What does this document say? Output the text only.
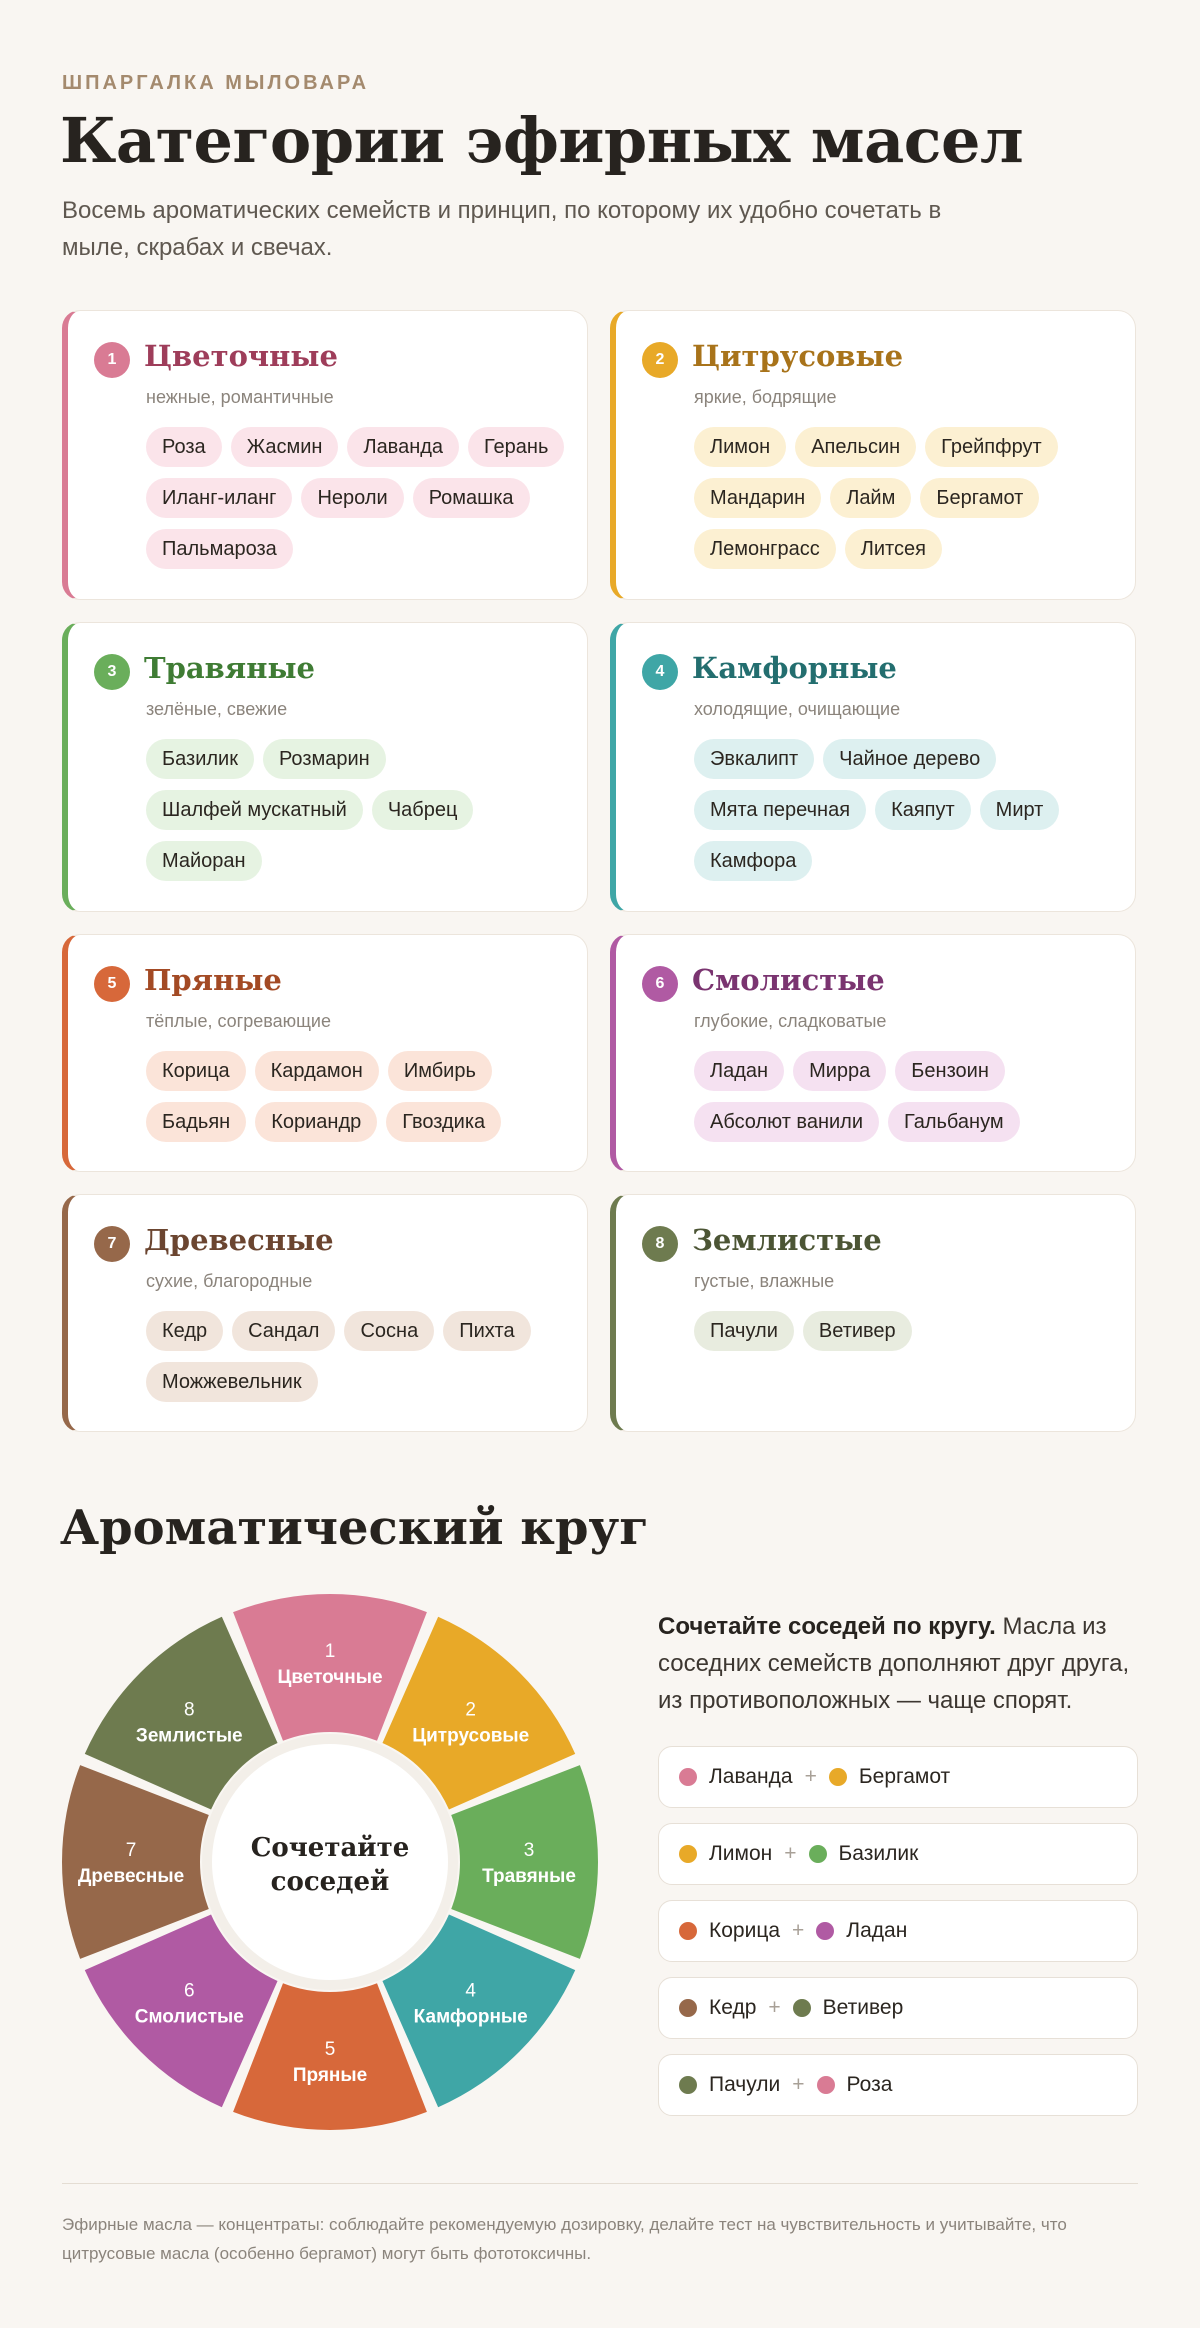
ШПАРГАЛКА МЫЛОВАРА
Категории эфирных масел

Восемь ароматических семейств и принцип, по которому их удобно сочетать в мыле, скрабах и свечах.

1 Цветочные
нежные, романтичные
Роза	Жасмин	Лаванда	Герань
Иланг-иланг	Нероли	Ромашка
Пальмароза
2 Цитрусовые
яркие, бодрящие
Лимон	Апельсин	Грейпфрут
Мандарин	Лайм	Бергамот
Лемонграсс	Литсея
3 Травяные
зелёные, свежие
Базилик	Розмарин
Шалфей мускатный	Чабрец
Майоран
4 Камфорные
холодящие, очищающие
Эвкалипт	Чайное дерево
Мята перечная	Каяпут	Мирт
Камфора
5 Пряные
тёплые, согревающие
Корица	Кардамон	Имбирь
Бадьян	Кориандр	Гвоздика
6 Смолистые
глубокие, сладковатые
Ладан	Мирра	Бензоин
Абсолют ванили	Гальбанум
7 Древесные
сухие, благородные
Кедр	Сандал	Сосна	Пихта
Можжевельник
8 Землистые
густые, влажные
Пачули	Ветивер
Ароматический круг
1
Цветочные
2
Цитрусовые
3
Травяные
4
Камфорные
5
Пряные
6
Смолистые
7
Древесные
8
Землистые
Сочетайте
соседей

Сочетайте соседей по кругу. Масла из соседних семейств дополняют друг друга, из противоположных — чаще спорят.

Лаванда + Бергамот
Лимон + Базилик
Корица + Ладан
Кедр + Ветивер
Пачули + Роза

Эфирные масла — концентраты: соблюдайте рекомендуемую дозировку, делайте тест на чувствительность и учитывайте, что цитрусовые масла (особенно бергамот) могут быть фототоксичны.
